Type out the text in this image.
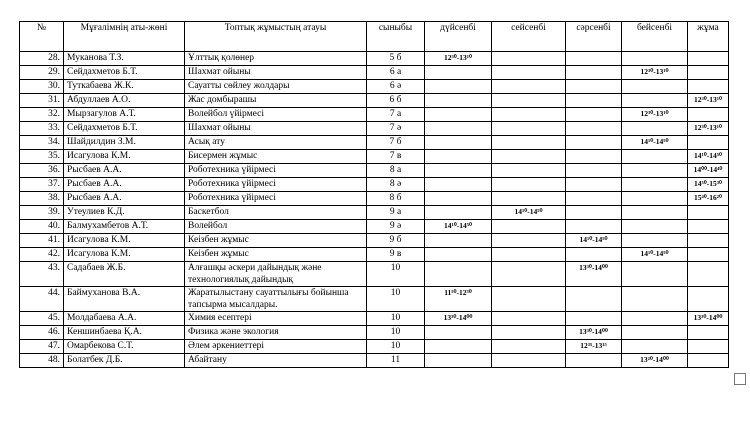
№	Мұғалімнің аты-жөні	Топтық жұмыстың атауы	сыныбы	дүйсенбі	сейсенбі	сәрсенбі	бейсенбі	жұма
28.	Муканова Т.З.	Ұлттық қолөнер	5 б	12³⁰-13¹⁰				
29.	Сейдахметов Б.Т.	Шахмат ойыны	6 а				12³⁰-13¹⁰	
30.	Туткабаева Ж.К.	Сауатты сөйлеу жолдары	6 ә					
31.	Абдуллаев А.О.	Жас домбырашы	6 б					12³⁰-13¹⁰
32.	Мырзагулов А.Т.	Волейбол үйірмесі	7 а				12³⁰-13¹⁰	
33.	Сейдахметов Б.Т.	Шахмат ойыны	7 ә					12³⁰-13¹⁰
34.	Шайдилдин З.М.	Асық ату	7 б				14¹⁰-14⁵⁰	
35.	Исагулова К.М.	Бисермен жұмыс	7 в					14¹⁰-14⁵⁰
36.	Рысбаев А.А.	Роботехника үйірмесі	8 а					14⁰⁰-14⁴⁰
37.	Рысбаев А.А.	Роботехника үйірмесі	8 ә					14⁵⁰-15³⁰
38.	Рысбаев А.А.	Роботехника үйірмесі	8 б					15⁴⁰-16²⁰
39.	Утеулиев К.Д.	Баскетбол	9 а		14¹⁰-14⁵⁰			
40.	Балмухамбетов А.Т.	Волейбол	9 ә	14¹⁰-14⁵⁰				
41.	Исагулова К.М.	Кеізбен жұмыс	9 б			14¹⁰-14⁵⁰		
42.	Исагулова К.М.	Кеізбен жұмыс	9 в				14¹⁰-14⁵⁰	
43.	Садабаев Ж.Б.	Алғашқы әскери дайындық және технологиялық дайындық	10			13³⁰-14⁰⁰		
44.	Баймуханова В.А.	Жаратылыстану сауаттылығы бойынша тапсырма мысалдары.	10	11⁵⁰-12³⁰				
45.	Молдабаева А.А.	Химия есептері	10	13³⁰-14⁰⁰				13³⁰-14⁰⁰
46.	Кеншинбаева Қ.А.	Физика және экология	10			13³⁰-14⁰⁰		
47.	Омарбекова С.Т.	Әлем әркениеттері	10			12³⁵-13¹⁵		
48.	Болатбек Д.Б.	Абайтану	11				13²⁰-14⁰⁰	
